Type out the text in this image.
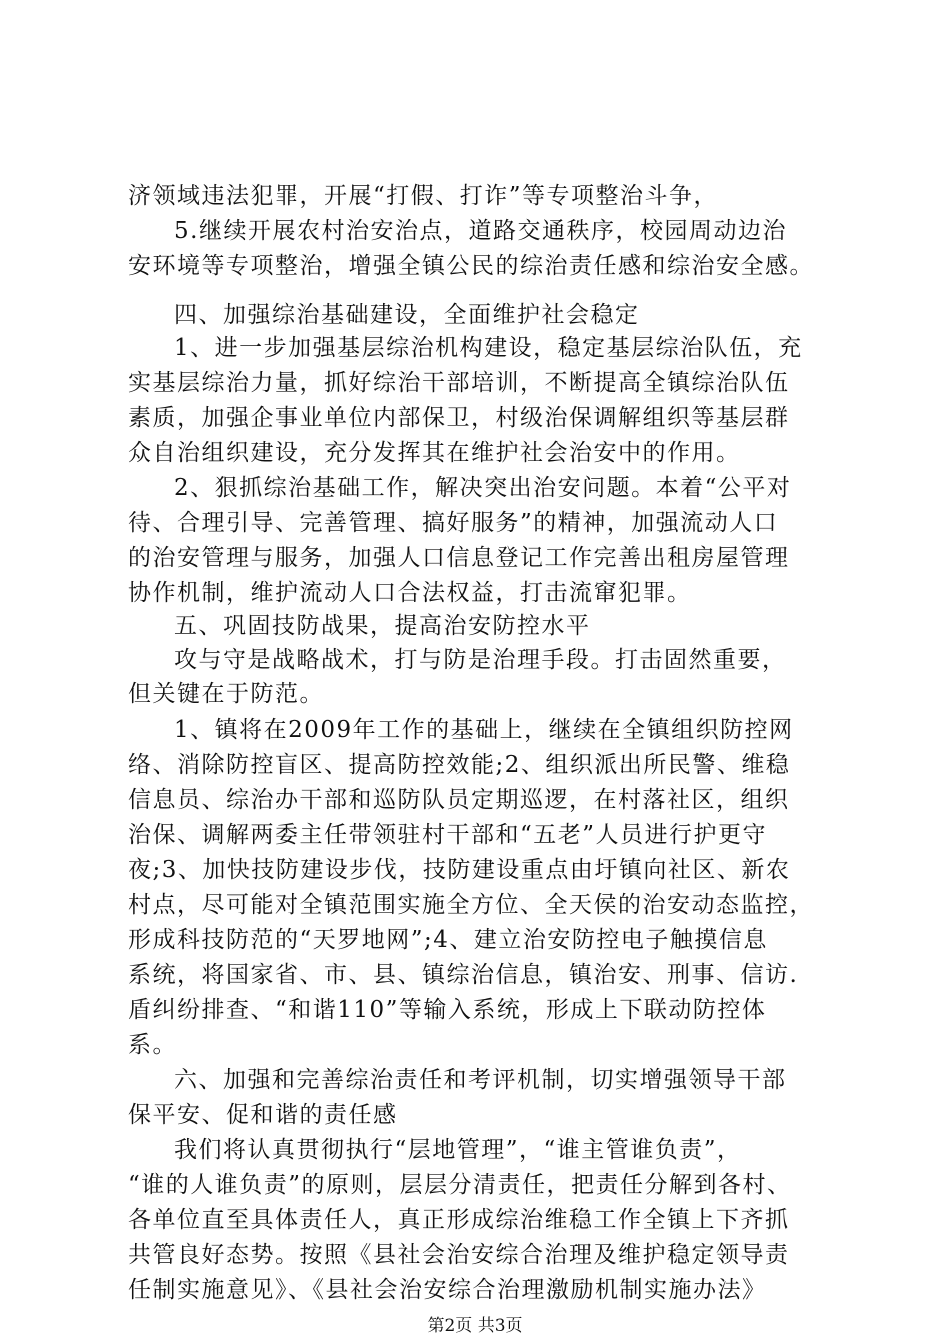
济领域违法犯罪，开展“打假、打诈”等专项整治斗争，
5.继续开展农村治安治点，道路交通秩序，校园周动边治
安环境等专项整治，增强全镇公民的综治责任感和综治安全感。
四、加强综治基础建设，全面维护社会稳定
1、进一步加强基层综治机构建设，稳定基层综治队伍，充
实基层综治力量，抓好综治干部培训，不断提高全镇综治队伍
素质，加强企事业单位内部保卫，村级治保调解组织等基层群
众自治组织建设，充分发挥其在维护社会治安中的作用。
2、狠抓综治基础工作，解决突出治安问题。本着“公平对
待、合理引导、完善管理、搞好服务”的精神，加强流动人口
的治安管理与服务，加强人口信息登记工作完善出租房屋管理
协作机制，维护流动人口合法权益，打击流窜犯罪。
五、巩固技防战果，提高治安防控水平
攻与守是战略战术，打与防是治理手段。打击固然重要，
但关键在于防范。
1、镇将在2009年工作的基础上，继续在全镇组织防控网
络、消除防控盲区、提高防控效能;2、组织派出所民警、维稳
信息员、综治办干部和巡防队员定期巡逻，在村落社区，组织
治保、调解两委主任带领驻村干部和“五老”人员进行护更守
夜;3、加快技防建设步伐，技防建设重点由圩镇向社区、新农
村点，尽可能对全镇范围实施全方位、全天侯的治安动态监控，
形成科技防范的“天罗地网”;4、建立治安防控电子触摸信息
系统，将国家省、市、县、镇综治信息，镇治安、刑事、信访.
盾纠纷排查、“和谐110”等输入系统，形成上下联动防控体
系。
六、加强和完善综治责任和考评机制，切实增强领导干部
保平安、促和谐的责任感
我们将认真贯彻执行“层地管理”，“谁主管谁负责”，
“谁的人谁负责”的原则，层层分清责任，把责任分解到各村、
各单位直至具体责任人，真正形成综治维稳工作全镇上下齐抓
共管良好态势。按照《县社会治安综合治理及维护稳定领导责
任制实施意见》、《县社会治安综合治理激励机制实施办法》
第2页 共3页
